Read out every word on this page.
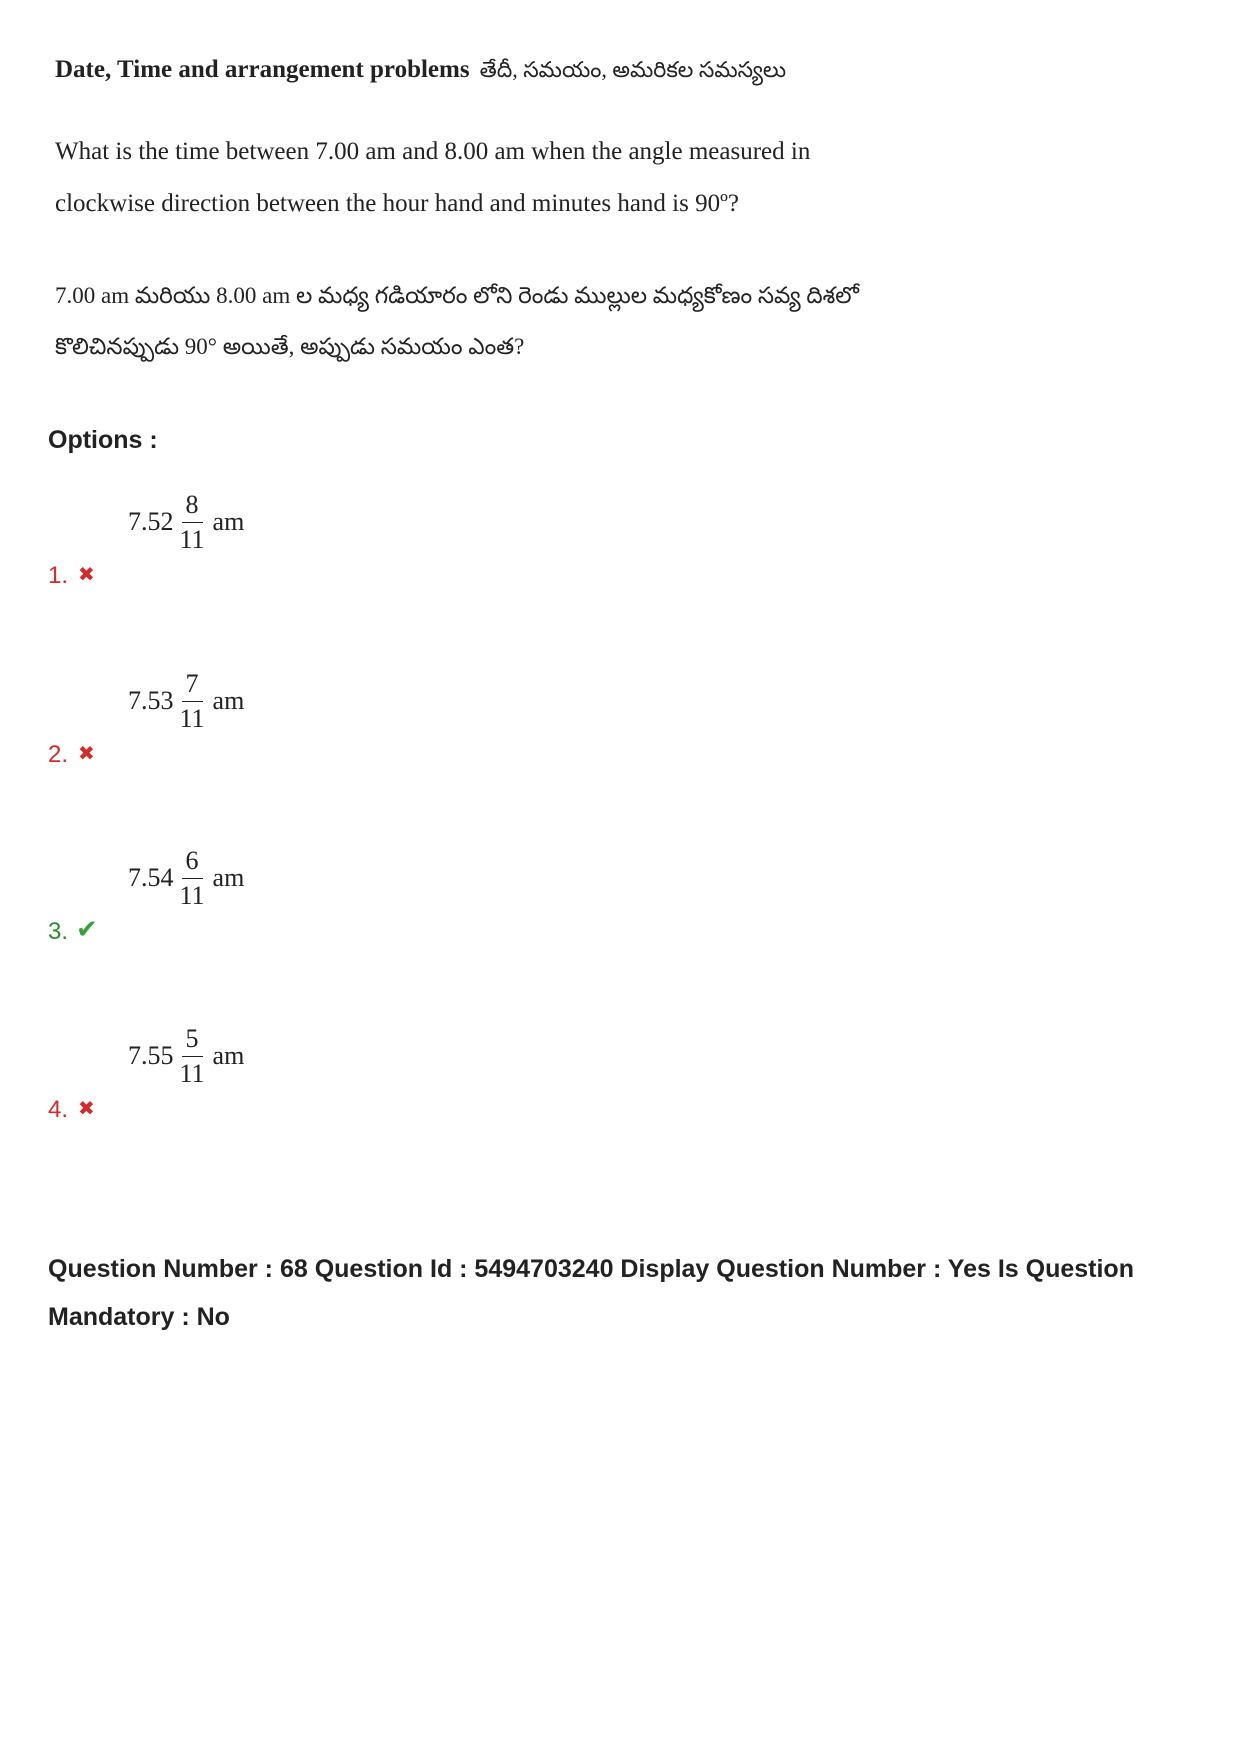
Date, Time and arrangement problems తేదీ, సమయం, అమరికల సమస్యలు
What is the time between 7.00 am and 8.00 am when the angle measured in
clockwise direction between the hour hand and minutes hand is 90º?
7.00 am మరియు 8.00 am ల మధ్య గడియారం లోని రెండు ముల్లుల మధ్యకోణం సవ్య దిశలో
కొలిచినప్పుడు 90° అయితే, అప్పుడు సమయం ఎంత?
Options :
$7.52 \frac{8}{11}$ am
1. ✖
$7.53 \frac{7}{11}$ am
2. ✖
$7.54 \frac{6}{11}$ am
3. ✔
$7.55 \frac{5}{11}$ am
4. ✖
Question Number : 68 Question Id : 5494703240 Display Question Number : Yes Is Question
Mandatory : No
